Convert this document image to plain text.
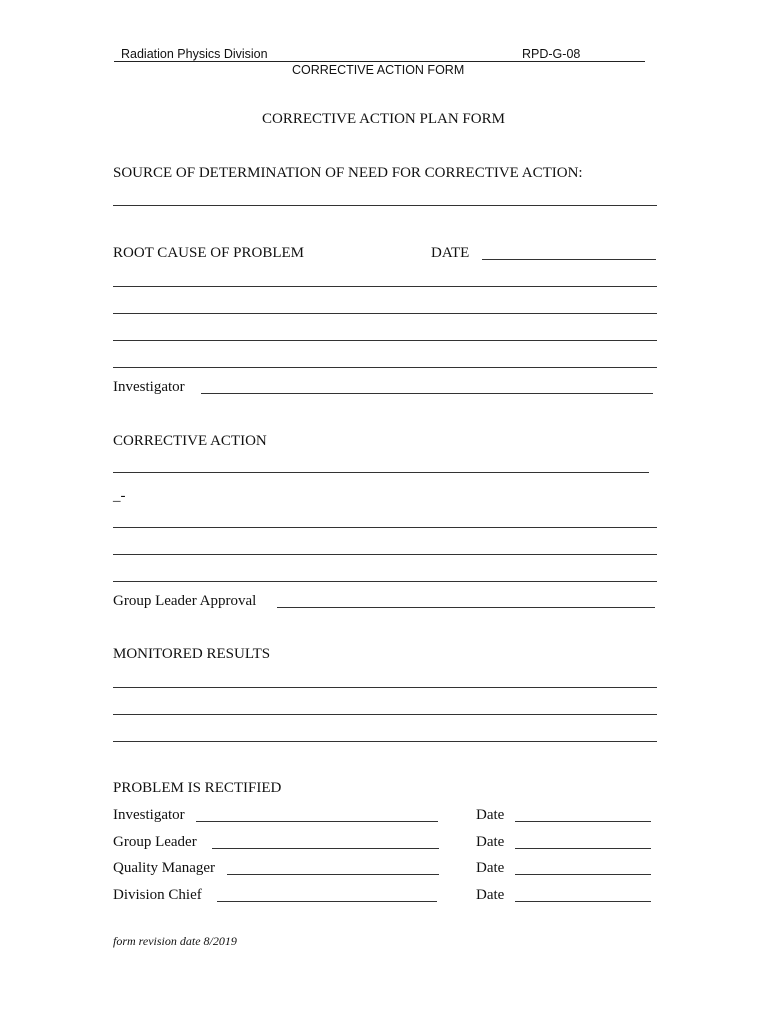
Radiation Physics Division	RPD-G-08
CORRECTIVE ACTION FORM
CORRECTIVE ACTION PLAN FORM
SOURCE OF DETERMINATION OF NEED FOR CORRECTIVE ACTION:
ROOT CAUSE OF PROBLEM	DATE
Investigator
CORRECTIVE ACTION
_-
Group Leader Approval
MONITORED RESULTS
PROBLEM IS RECTIFIED
Investigator	Date
Group Leader	Date
Quality Manager	Date
Division Chief	Date
form revision date 8/2019
